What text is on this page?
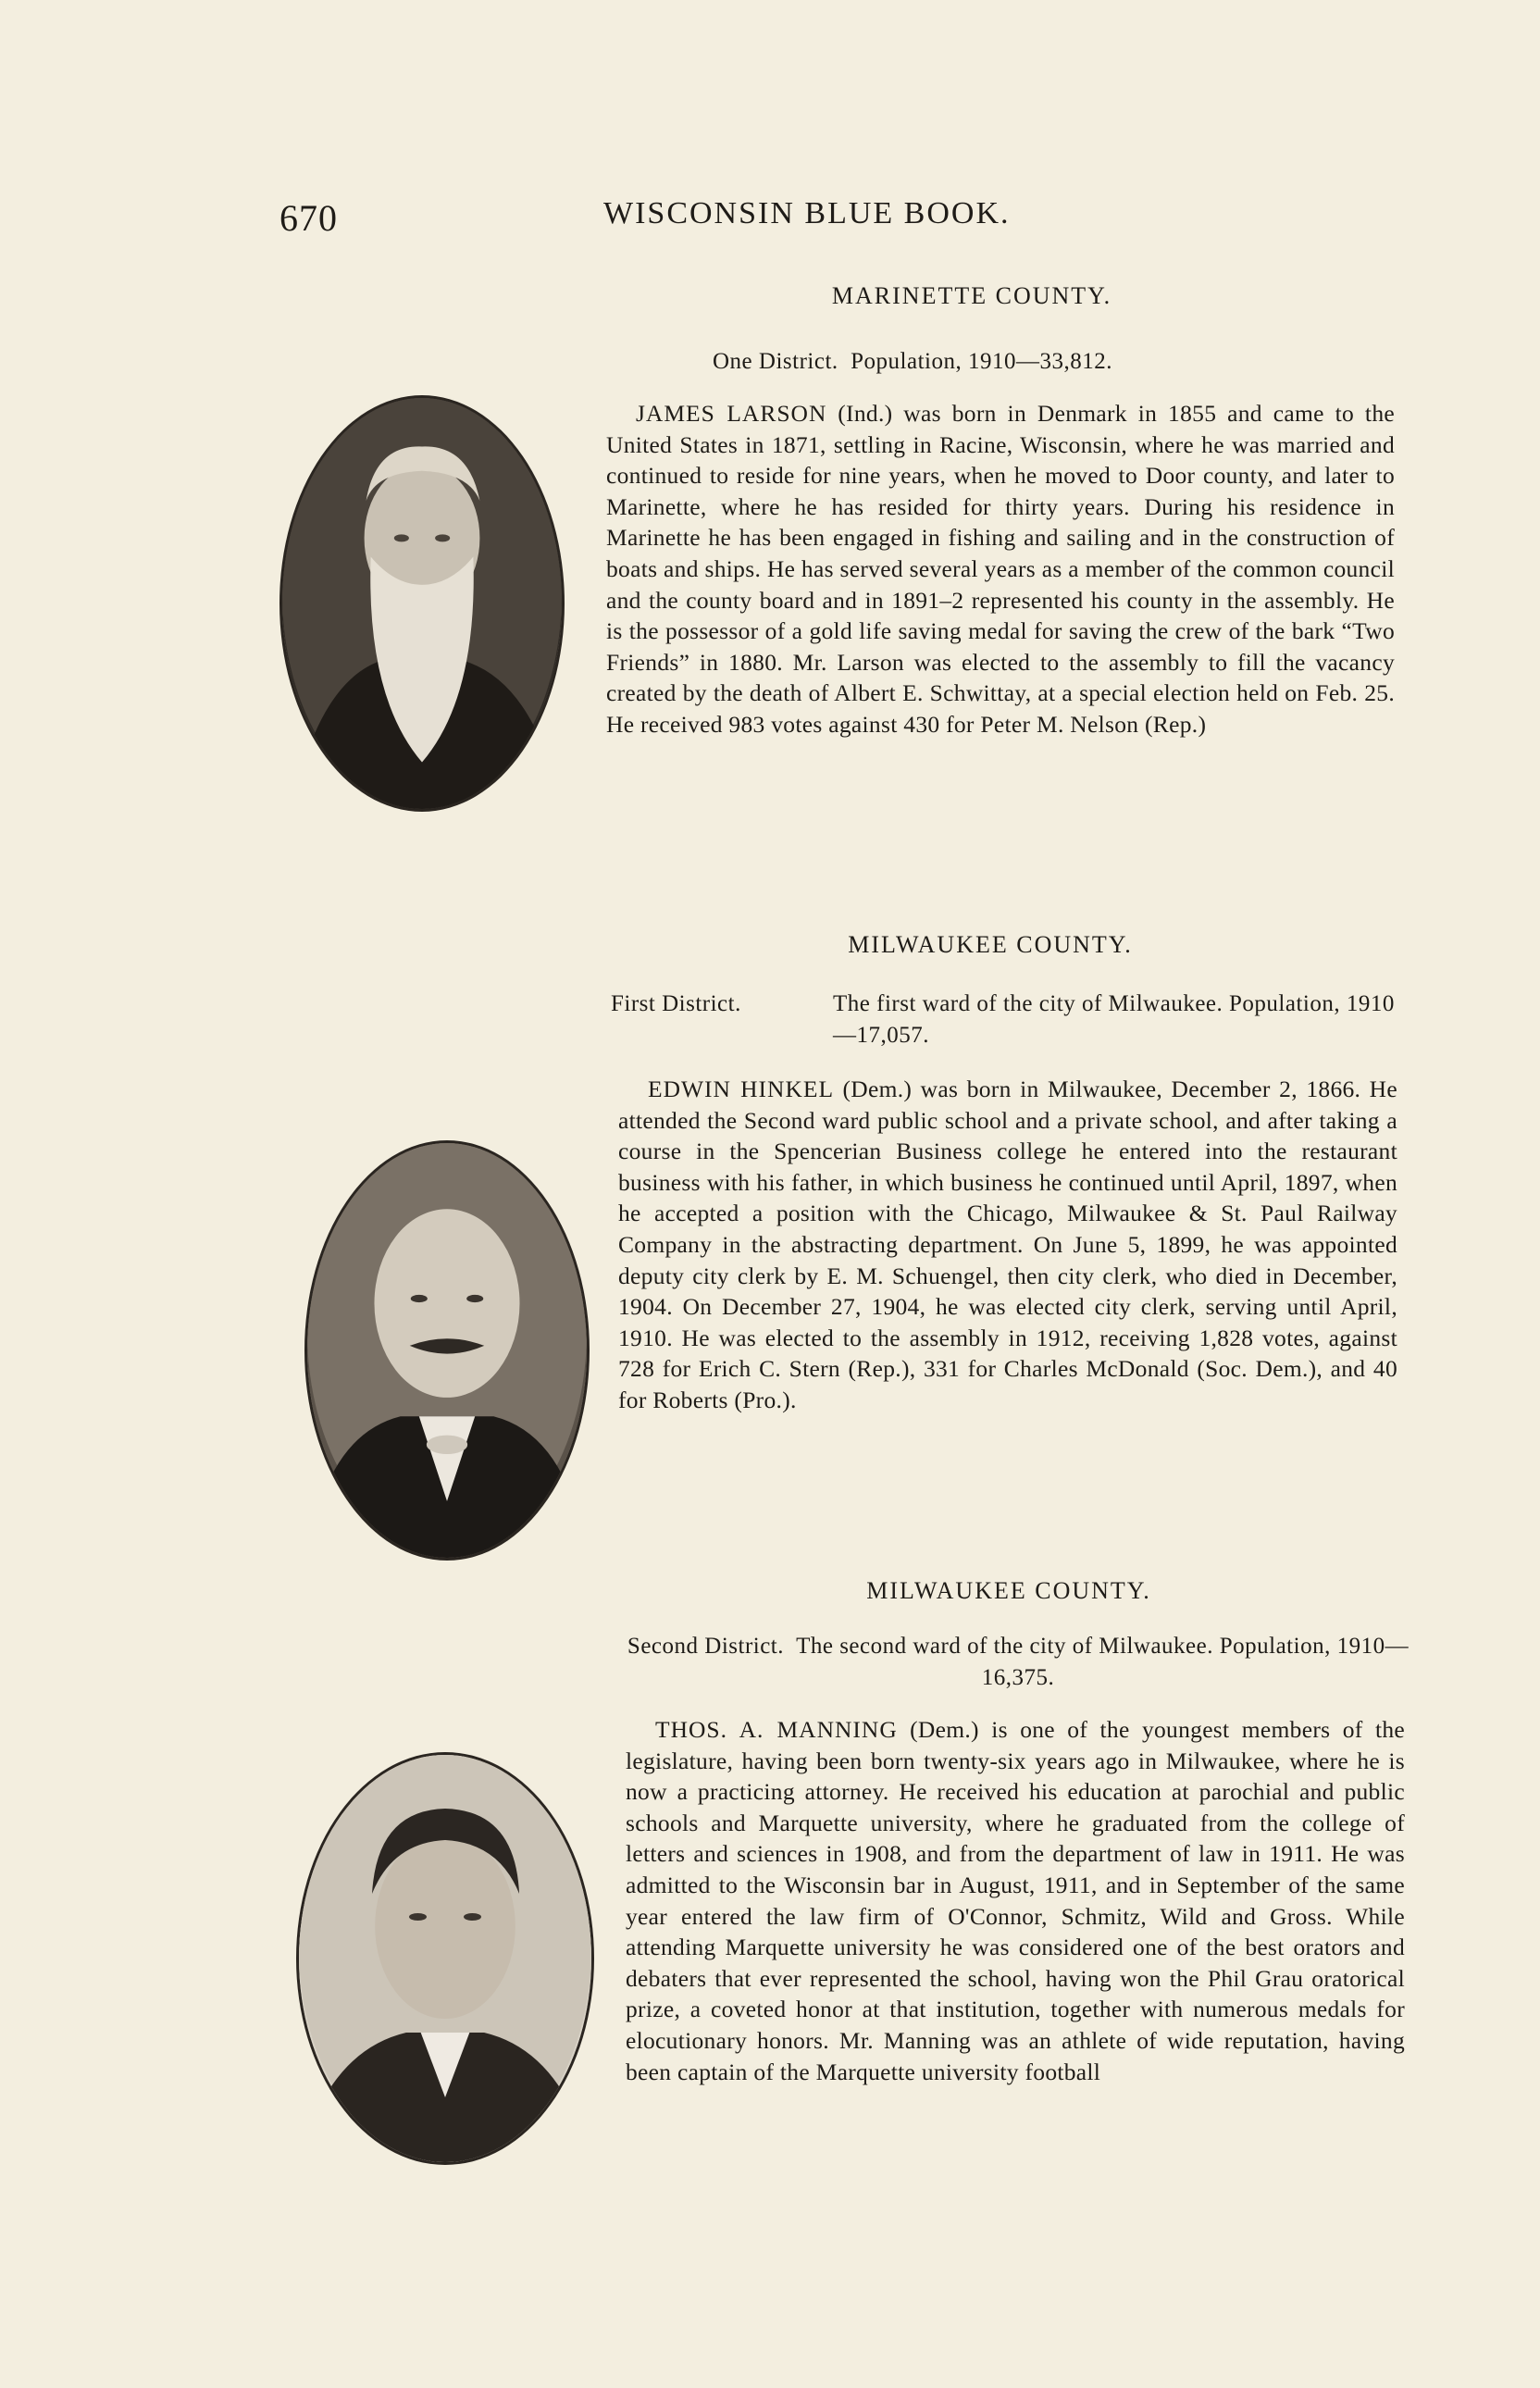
670	WISCONSIN BLUE BOOK.
MARINETTE COUNTY.
One District. Population, 1910—33,812.

JAMES LARSON (Ind.) was born in Denmark in 1855 and came to the United States in 1871, settling in Racine, Wisconsin, where he was married and continued to reside for nine years, when he moved to Door county, and later to Marinette, where he has resided for thirty years. During his residence in Marinette he has been engaged in fishing and sailing and in the construction of boats and ships. He has served several years as a member of the common council and the county board and in 1891–2 represented his county in the assembly. He is the possessor of a gold life saving medal for saving the crew of the bark “Two Friends” in 1880. Mr. Larson was elected to the assembly to fill the vacancy created by the death of Albert E. Schwittay, at a special election held on Feb. 25. He received 983 votes against 430 for Peter M. Nelson (Rep.)

MILWAUKEE COUNTY.
First District.	The first ward of the city of Milwaukee. Population, 1910—17,057.

EDWIN HINKEL (Dem.) was born in Milwaukee, December 2, 1866. He attended the Second ward public school and a private school, and after taking a course in the Spencerian Business college he entered into the restaurant business with his father, in which business he continued until April, 1897, when he accepted a position with the Chicago, Milwaukee & St. Paul Railway Company in the abstracting department. On June 5, 1899, he was appointed deputy city clerk by E. M. Schuengel, then city clerk, who died in December, 1904. On December 27, 1904, he was elected city clerk, serving until April, 1910. He was elected to the assembly in 1912, receiving 1,828 votes, against 728 for Erich C. Stern (Rep.), 331 for Charles McDonald (Soc. Dem.), and 40 for Roberts (Pro.).

MILWAUKEE COUNTY.
Second District. The second ward of the city of Milwaukee. Population, 1910—16,375.

THOS. A. MANNING (Dem.) is one of the youngest members of the legislature, having been born twenty-six years ago in Milwaukee, where he is now a practicing attorney. He received his education at parochial and public schools and Marquette university, where he graduated from the college of letters and sciences in 1908, and from the department of law in 1911. He was admitted to the Wisconsin bar in August, 1911, and in September of the same year entered the law firm of O'Connor, Schmitz, Wild and Gross. While attending Marquette university he was considered one of the best orators and debaters that ever represented the school, having won the Phil Grau oratorical prize, a coveted honor at that institution, together with numerous medals for elocutionary honors. Mr. Manning was an athlete of wide reputation, having been captain of the Marquette university football
